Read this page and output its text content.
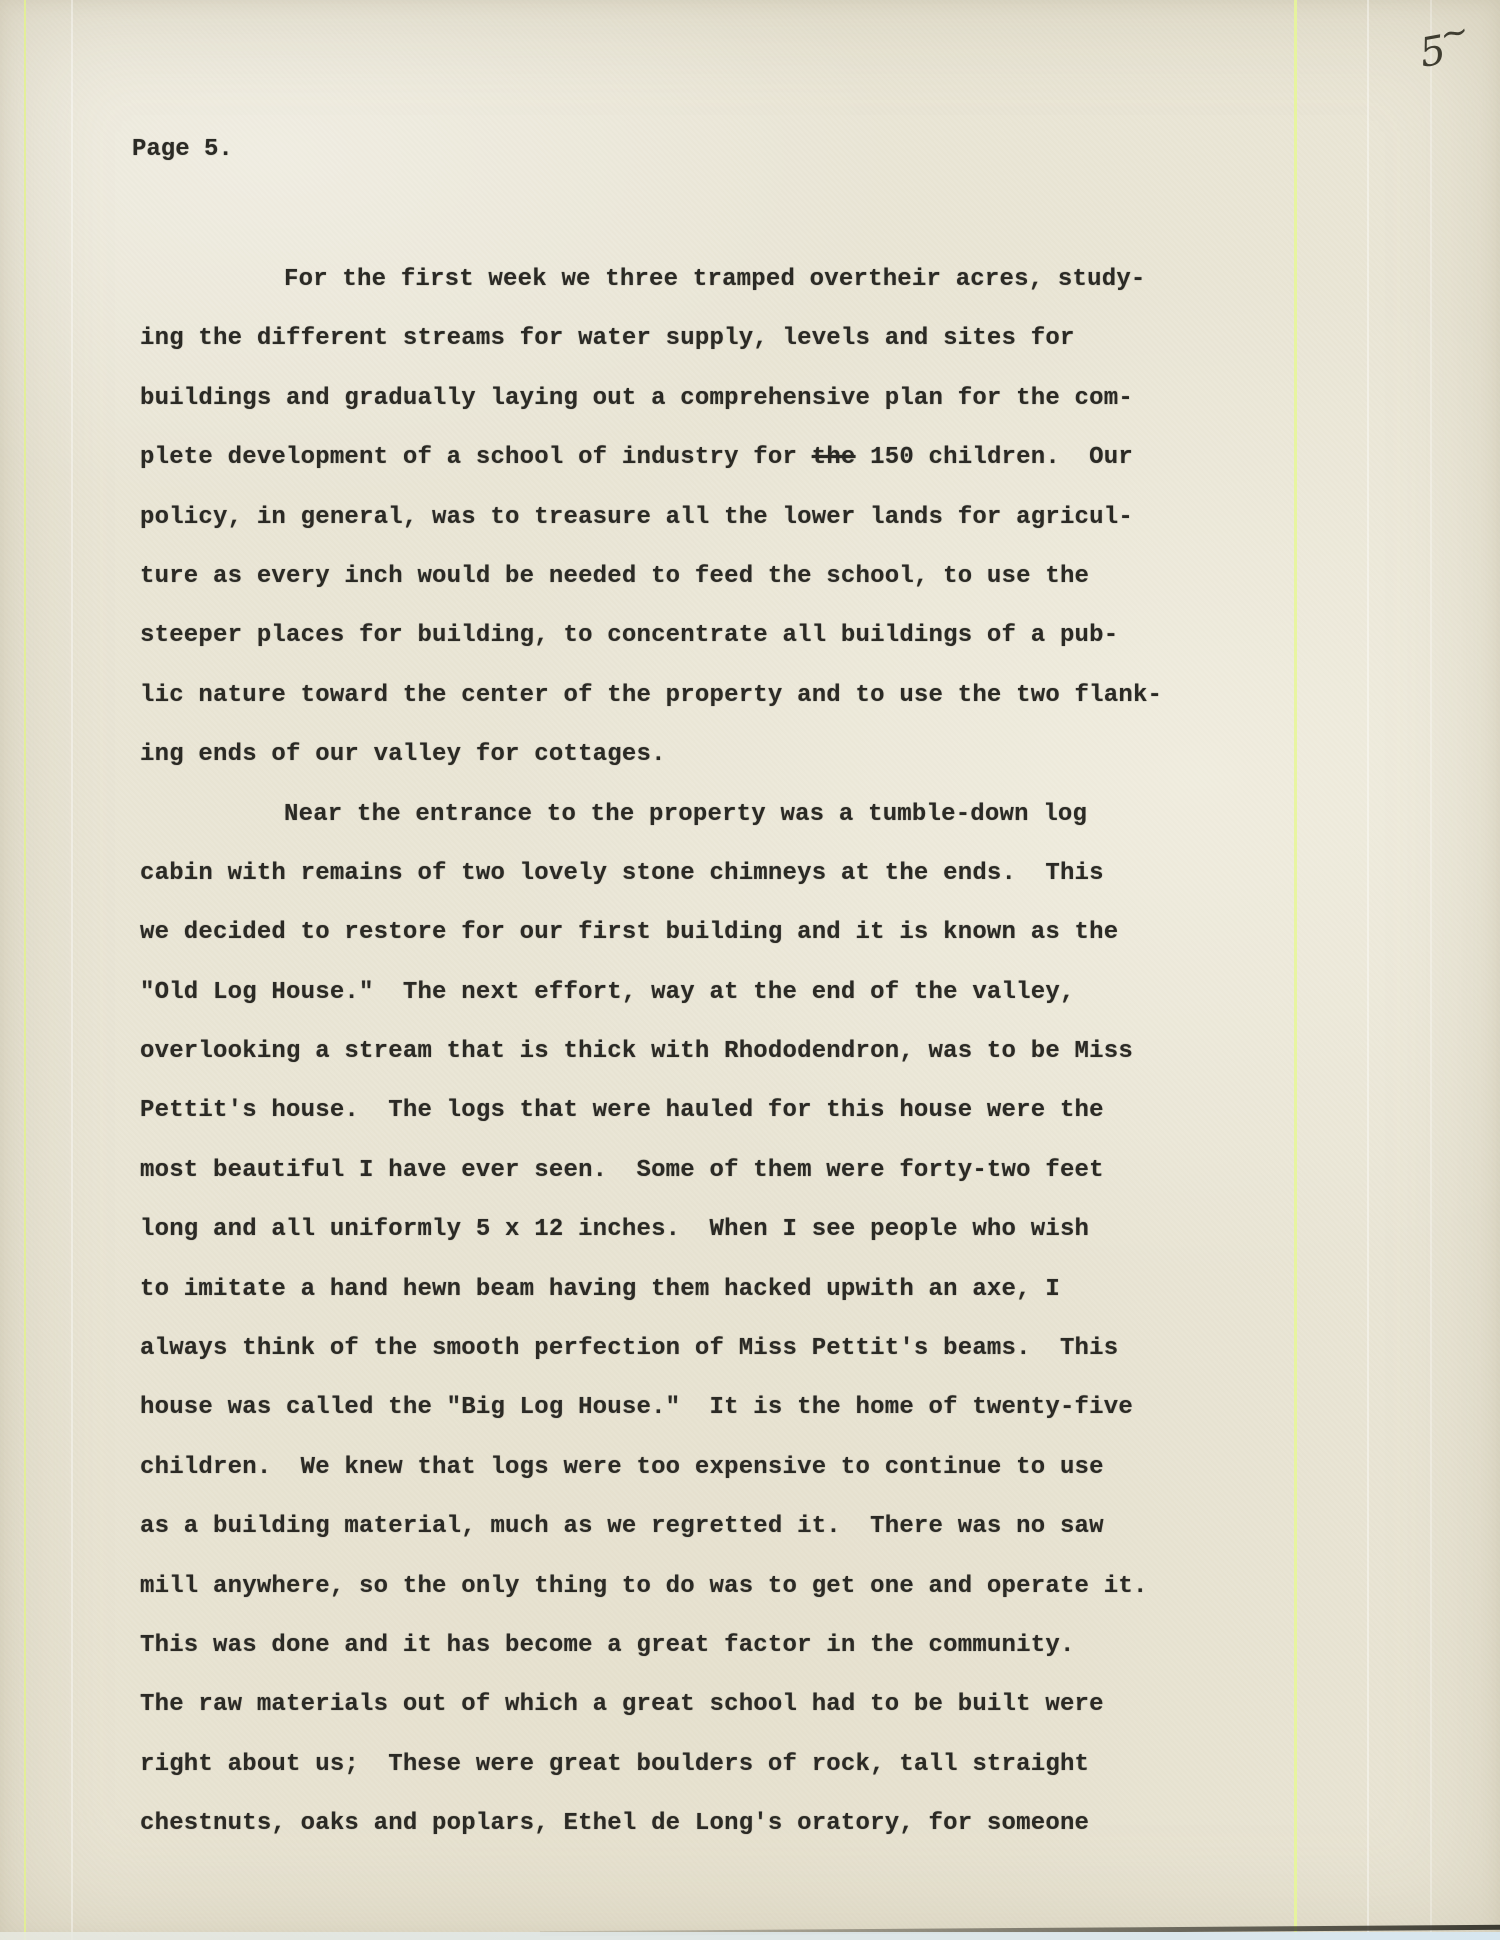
5
~
Page 5.
For the first week we three tramped overtheir acres, study-
ing the different streams for water supply, levels and sites for
buildings and gradually laying out a comprehensive plan for the com-
plete development of a school of industry for the 150 children.  Our
policy, in general, was to treasure all the lower lands for agricul-
ture as every inch would be needed to feed the school, to use the
steeper places for building, to concentrate all buildings of a pub-
lic nature toward the center of the property and to use the two flank-
ing ends of our valley for cottages.
Near the entrance to the property was a tumble-down log
cabin with remains of two lovely stone chimneys at the ends.  This
we decided to restore for our first building and it is known as the
"Old Log House."  The next effort, way at the end of the valley,
overlooking a stream that is thick with Rhododendron, was to be Miss
Pettit's house.  The logs that were hauled for this house were the
most beautiful I have ever seen.  Some of them were forty-two feet
long and all uniformly 5 x 12 inches.  When I see people who wish
to imitate a hand hewn beam having them hacked upwith an axe, I
always think of the smooth perfection of Miss Pettit's beams.  This
house was called the "Big Log House."  It is the home of twenty-five
children.  We knew that logs were too expensive to continue to use
as a building material, much as we regretted it.  There was no saw
mill anywhere, so the only thing to do was to get one and operate it.
This was done and it has become a great factor in the community.
The raw materials out of which a great school had to be built were
right about us;  These were great boulders of rock, tall straight
chestnuts, oaks and poplars, Ethel de Long's oratory, for someone
